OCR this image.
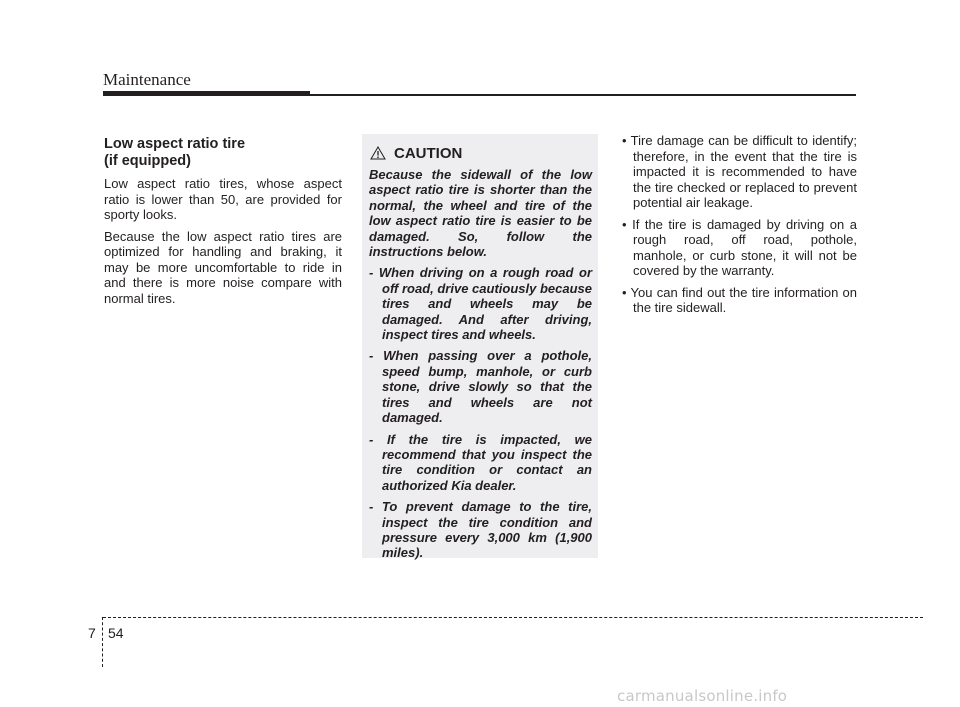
Maintenance
Low aspect ratio tire
(if equipped)

Low aspect ratio tires, whose aspect ratio is lower than 50, are provided for sporty looks.

Because the low aspect ratio tires are optimized for handling and braking, it may be more uncomfortable to ride in and there is more noise compare with normal tires.

CAUTION

Because the sidewall of the low aspect ratio tire is shorter than the normal, the wheel and tire of the low aspect ratio tire is easier to be damaged. So, follow the instructions below.

- When driving on a rough road or off road, drive cautiously because tires and wheels may be damaged. And after driving, inspect tires and wheels.

- When passing over a pothole, speed bump, manhole, or curb stone, drive slowly so that the tires and wheels are not damaged.

- If the tire is impacted, we recommend that you inspect the tire condition or contact an authorized Kia dealer.

- To prevent damage to the tire, inspect the tire condition and pressure every 3,000 km (1,900 miles).

• Tire damage can be difficult to identify; therefore, in the event that the tire is impacted it is recommended to have the tire checked or replaced to prevent potential air leakage.

• If the tire is damaged by driving on a rough road, off road, pothole, manhole, or curb stone, it will not be covered by the warranty.

• You can find out the tire information on the tire sidewall.

7 54
carmanualsonline.info
